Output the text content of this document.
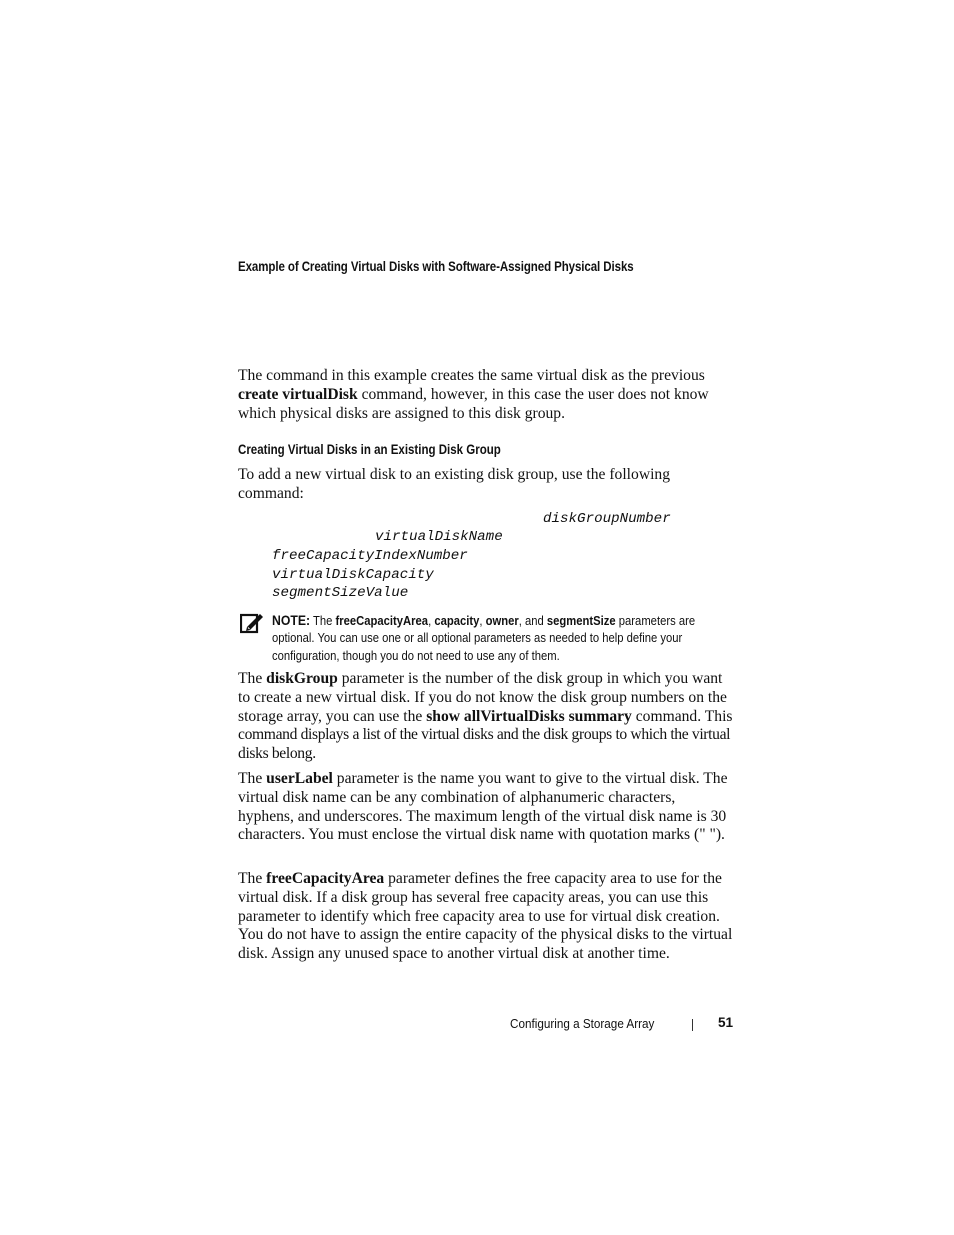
Example of Creating Virtual Disks with Software-Assigned Physical Disks

The command in this example creates the same virtual disk as the previous
create virtualDisk command, however, in this case the user does not know
which physical disks are assigned to this disk group.

Creating Virtual Disks in an Existing Disk Group

To add a new virtual disk to an existing disk group, use the following command:

diskGroupNumber
virtualDiskName
freeCapacityIndexNumber
virtualDiskCapacity
segmentSizeValue

NOTE: The freeCapacityArea, capacity, owner, and segmentSize parameters are optional. You can use one or all optional parameters as needed to help define your configuration, though you do not need to use any of them.

The diskGroup parameter is the number of the disk group in which you want to create a new virtual disk. If you do not know the disk group numbers on the storage array, you can use the show allVirtualDisks summary command. This command displays a list of the virtual disks and the disk groups to which the virtual disks belong.

The userLabel parameter is the name you want to give to the virtual disk. The virtual disk name can be any combination of alphanumeric characters, hyphens, and underscores. The maximum length of the virtual disk name is 30 characters. You must enclose the virtual disk name with quotation marks (" ").

The freeCapacityArea parameter defines the free capacity area to use for the virtual disk. If a disk group has several free capacity areas, you can use this parameter to identify which free capacity area to use for virtual disk creation. You do not have to assign the entire capacity of the physical disks to the virtual disk. Assign any unused space to another virtual disk at another time.

Configuring a Storage Array	51
